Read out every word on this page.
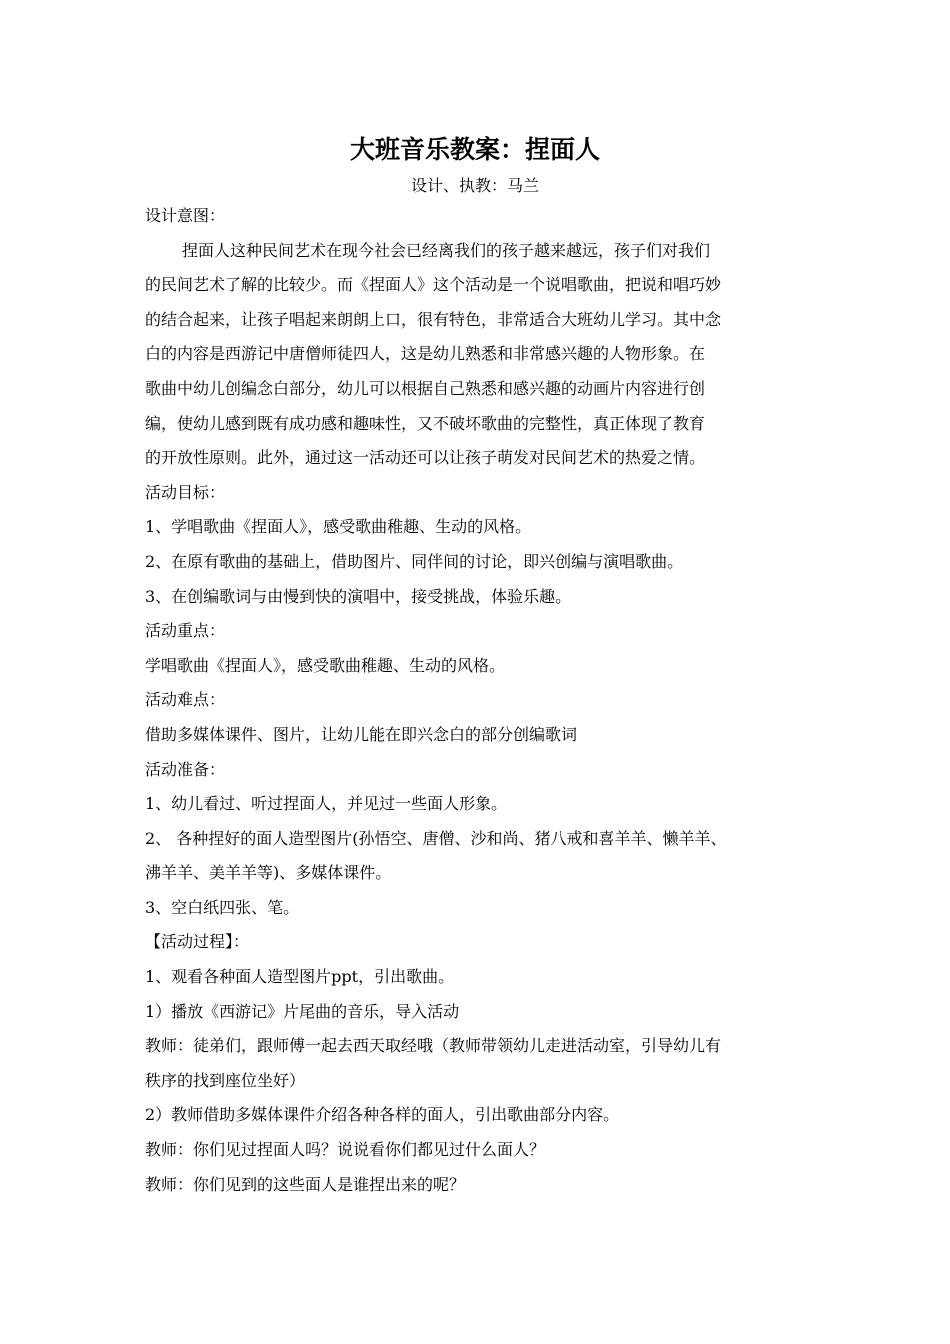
大班音乐教案：捏面人
设计、执教：马兰
设计意图：
捏面人这种民间艺术在现今社会已经离我们的孩子越来越远，孩子们对我们
的民间艺术了解的比较少。而《捏面人》这个活动是一个说唱歌曲，把说和唱巧妙
的结合起来，让孩子唱起来朗朗上口，很有特色，非常适合大班幼儿学习。其中念
白的内容是西游记中唐僧师徒四人，这是幼儿熟悉和非常感兴趣的人物形象。在
歌曲中幼儿创编念白部分，幼儿可以根据自己熟悉和感兴趣的动画片内容进行创
编，使幼儿感到既有成功感和趣味性，又不破坏歌曲的完整性，真正体现了教育
的开放性原则。此外，通过这一活动还可以让孩子萌发对民间艺术的热爱之情。
活动目标：
1、学唱歌曲《捏面人》，感受歌曲稚趣、生动的风格。
2、在原有歌曲的基础上，借助图片、同伴间的讨论，即兴创编与演唱歌曲。
3、在创编歌词与由慢到快的演唱中，接受挑战，体验乐趣。
活动重点：
学唱歌曲《捏面人》，感受歌曲稚趣、生动的风格。
活动难点：
借助多媒体课件、图片，让幼儿能在即兴念白的部分创编歌词
活动准备：
1、幼儿看过、听过捏面人，并见过一些面人形象。
2、 各种捏好的面人造型图片(孙悟空、唐僧、沙和尚、猪八戒和喜羊羊、懒羊羊、
沸羊羊、美羊羊等)、多媒体课件。
3、空白纸四张、笔。
【活动过程】：
1、观看各种面人造型图片ppt，引出歌曲。
1）播放《西游记》片尾曲的音乐，导入活动
教师：徒弟们，跟师傅一起去西天取经哦（教师带领幼儿走进活动室，引导幼儿有
秩序的找到座位坐好）
2）教师借助多媒体课件介绍各种各样的面人，引出歌曲部分内容。
教师：你们见过捏面人吗？说说看你们都见过什么面人？
教师：你们见到的这些面人是谁捏出来的呢？
